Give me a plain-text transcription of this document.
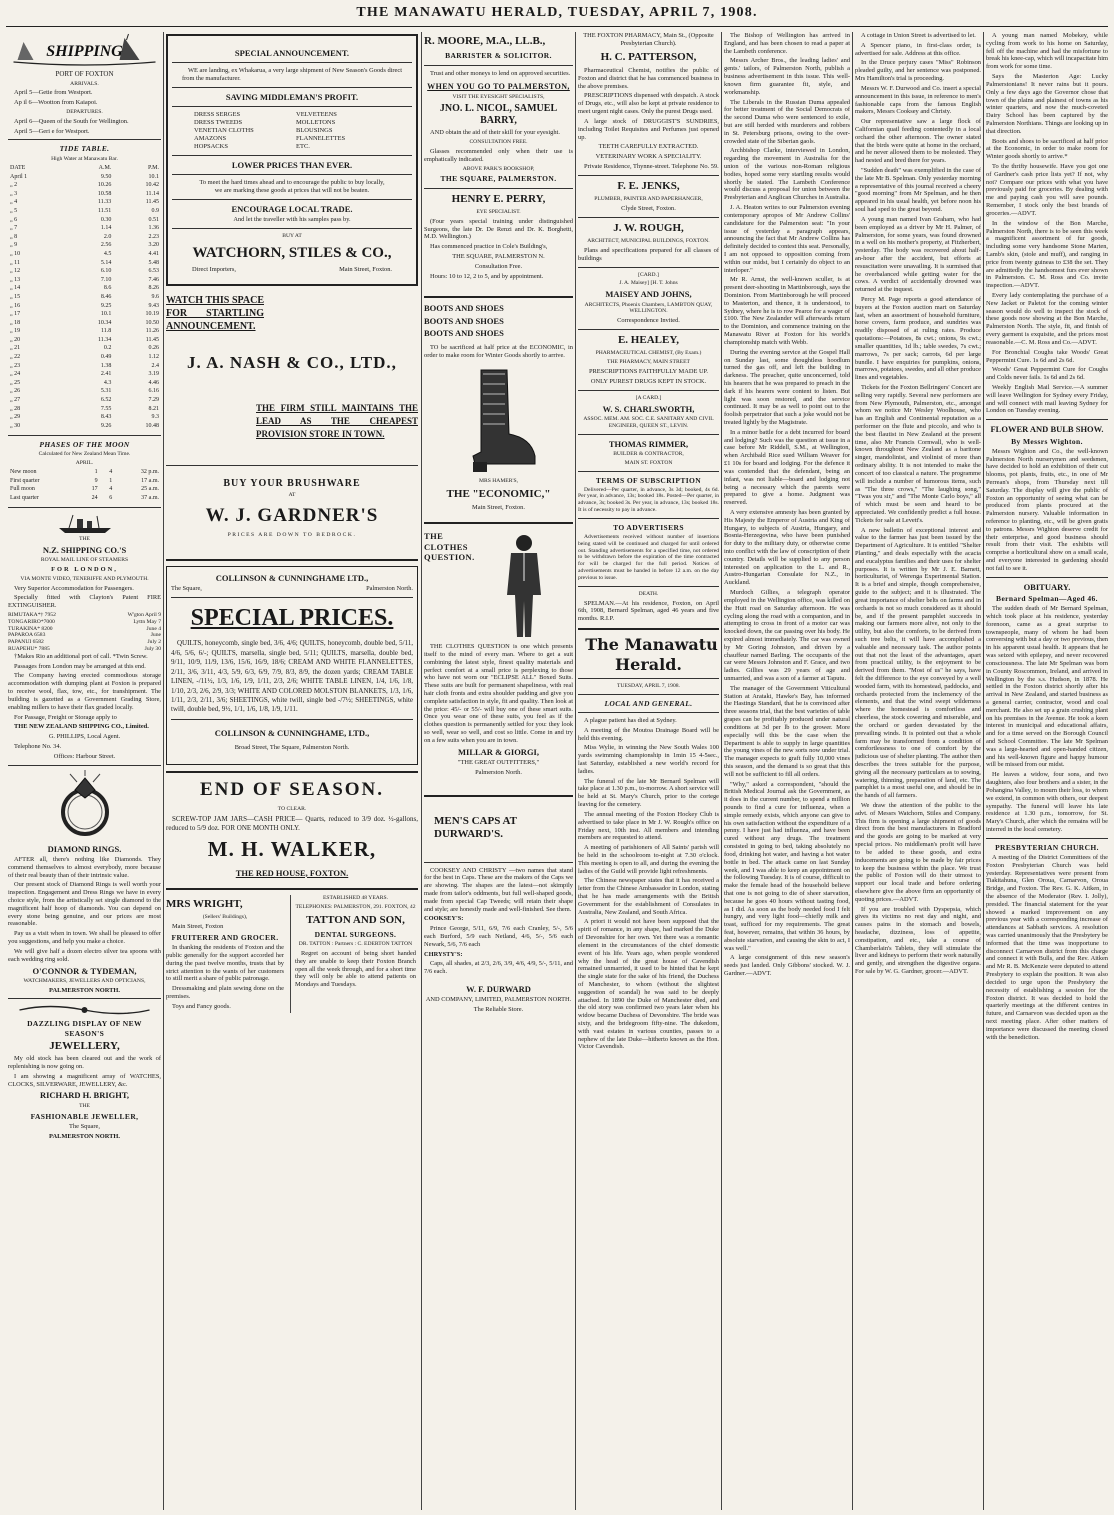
THE MANAWATU HERALD, TUESDAY, APRIL 7, 1908.
SHIPPING

PORT OF FOXTON

ARRIVALS.

April 5—Getie from Westport.

Ap il 6—Wootton from Kaiapoi.

DEPARTURES.

April 6—Queen of the South for Wellington.

April 5—Geri e for Westport.

TIDE TABLE.

High Water at Manawatu Bar.

DATE	A.M.	P.M.
April 1	9.50	10.1
„ 2	10.26	10.42
„ 3	10.58	11.14
„ 4	11.33	11.45
„ 5	11.51	0.9
„ 6	0.30	0.51
„ 7	1.14	1.36
„ 8	2.0	2.23
„ 9	2.56	3.20
„ 10	4.5	4.41
„ 11	5.14	5.48
„ 12	6.10	6.53
„ 13	7.10	7.46
„ 14	8.6	8.26
„ 15	8.46	9.6
„ 16	9.25	9.43
„ 17	10.1	10.19
„ 18	10.34	10.50
„ 19	11.8	11.26
„ 20	11.34	11.45
„ 21	0.2	0.26
„ 22	0.49	1.12
„ 23	1.38	2.4
„ 24	2.41	3.19
„ 25	4.3	4.46
„ 26	5.31	6.16
„ 27	6.52	7.29
„ 28	7.55	8.21
„ 29	8.43	9.3
„ 30	9.26	10.48

PHASES OF THE MOON

Calculated for New Zealand Mean Time.

APRIL.

New moon	1	4	32 p.m.
First quarter	9	1	17 a.m.
Full moon	17	4	25 a.m.
Last quarter	24	6	37 a.m.

THE

N.Z. SHIPPING CO.'S

ROYAL MAIL LINE OF STEAMERS

FOR LONDON,

VIA MONTE VIDEO, TENERIFFE AND PLYMOUTH.

Very Superior Accommodation for Passengers.

Specially fitted with Clayton's Patent FIRE EXTINGUISHER.

RIMUTAKA*† 7952	W'gton April 9
TONGARIRO*7000	Lyttn May 7
TURAKINA* 8200	June 4
PAPAROA 6583	June
PAPANUI 6582	July 2
RUAPEHU* 7885	July 30

†Makes Rio an additional port of call. *Twin Screw.

Passages from London may be arranged at this end.

The Company having erected commodious storage accommodation with dumping plant at Foxton is prepared to receive wool, flax, tow, etc., for transhipment. The building is gazetted as a Government Grading Store, enabling millers to have their flax graded locally.

For Passage, Freight or Storage apply to

THE NEW ZEALAND SHIPPING CO., Limited.

G. PHILLIPS, Local Agent.

Telephone No. 34.

Offices: Harbour Street.

DIAMOND RINGS.

AFTER all, there's nothing like Diamonds. They commend themselves to almost everybody, more because of their real beauty than of their intrinsic value.

Our present stock of Diamond Rings is well worth your inspection. Engagement and Dress Rings we have in every choice style, from the artistically set single diamond to the magnificent half hoop of diamonds. You can depend on every stone being genuine, and our prices are most reasonable.

Pay us a visit when in town. We shall be pleased to offer you suggestions, and help you make a choice.

We will give half a dozen electro silver tea spoons with each wedding ring sold.

O'CONNOR & TYDEMAN,

WATCHMAKERS, JEWELLERS AND OPTICIANS,

PALMERSTON NORTH.

DAZZLING DISPLAY OF NEW SEASON'S

JEWELLERY,

My old stock has been cleared out and the work of replenishing is now going on.

I am showing a magnificent array of WATCHES, CLOCKS, SILVERWARE, JEWELLERY, &c.

RICHARD H. BRIGHT,

THE

FASHIONABLE JEWELLER,

The Square,

PALMERSTON NORTH.

SPECIAL ANNOUNCEMENT.

WE are landing, ex Whakarua, a very large shipment of New Season's Goods direct from the manufacturer.

SAVING MIDDLEMAN'S PROFIT.

DRESS SERGES
DRESS TWEEDS
VENETIAN CLOTHS
AMAZONS
HOPSACKS
VELVETEENS
MOLLETONS
BLOUSINGS
FLANNELETTES
ETC.

LOWER PRICES THAN EVER.

To meet the hard times ahead and to encourage the public to buy locally, we are marking these goods at prices that will not be beaten.

ENCOURAGE LOCAL TRADE.

And let the traveller with his samples pass by.

BUY AT

WATCHORN, STILES & CO.,

Direct Importers,	Main Street, Foxton.

WATCH THIS SPACE FOR STARTLING ANNOUNCEMENT.

J. A. NASH & CO., LTD.,

THE FIRM STILL MAINTAINS THE LEAD AS THE CHEAPEST PROVISION STORE IN TOWN.

BUY YOUR BRUSHWARE

AT

W. J. GARDNER'S

PRICES ARE DOWN TO BEDROCK.

COLLINSON & CUNNINGHAME LTD.,

The Square,	Palmerston North.

SPECIAL PRICES.

QUILTS, honeycomb, single bed, 3/6, 4/6; QUILTS, honeycomb, double bed, 5/11, 4/6, 5/6, 6/-; QUILTS, marsella, single bed, 5/11; QUILTS, marsella, double bed, 9/11, 10/9, 11/9, 13/6, 15/6, 16/9, 18/6; CREAM AND WHITE FLANNELETTES, 2/11, 3/6, 3/11, 4/3, 5/9, 6/3, 6/9, 7/9, 8/3, 8/9, the dozen yards; CREAM TABLE LINEN, -/11½, 1/3, 1/6, 1/9, 1/11, 2/3, 2/6; WHITE TABLE LINEN, 1/4, 1/6, 1/8, 1/10, 2/3, 2/6, 2/9, 3/3; WHITE AND COLORED MOLSTON BLANKETS, 1/3, 1/6, 1/11, 2/3, 2/11, 3/6; SHEETINGS, white twill, single bed -/7½; SHEETINGS, white twill, double bed, 9½, 1/1, 1/6, 1/8, 1/9, 1/11.

COLLINSON & CUNNINGHAME, LTD.,

Broad Street, The Square, Palmerston North.

END OF SEASON.

TO CLEAR.

SCREW-TOP JAM JARS—CASH PRICE— Quarts, reduced to 3/9 doz. ½-gallons, reduced to 5/9 doz. FOR ONE MONTH ONLY.

M. H. WALKER,

THE RED HOUSE, FOXTON.

MRS WRIGHT,

(Sellers' Buildings),

Main Street, Foxton

FRUITERER AND GROCER.

In thanking the residents of Foxton and the public generally for the support accorded her during the past twelve months, trusts that by strict attention to the wants of her customers to still merit a share of public patronage.

Dressmaking and plain sewing done on the premises.

Toys and Fancy goods.

ESTABLISHED 48 YEARS.

TELEPHONES: PALMERSTON, 291. FOXTON, 42

TATTON AND SON,

DENTAL SURGEONS.

DR. TATTON : Partners : C. EDERTON TATTON

Regret on account of being short handed they are unable to keep their Foxton Branch open all the week through, and for a short time they will only be able to attend patients on Mondays and Tuesdays.

R. MOORE, M.A., LL.B.,

BARRISTER & SOLICITOR.

Trust and other moneys to lend on approved securities.

WHEN YOU GO TO PALMERSTON,

VISIT THE EYESIGHT SPECIALISTS,

JNO. L. NICOL, SAMUEL BARRY,

AND obtain the aid of their skill for your eyesight.

CONSULTATION FREE.

Glasses recommended only when their use is emphatically indicated.

ABOVE PARK'S BOOKSHOP,

THE SQUARE, PALMERSTON.

HENRY E. PERRY,

EYE SPECIALIST.

(Four years special training under distinguished Surgeons, the late Dr. De Renzi and Dr. K. Borghetti, M.D. Wellington.)

Has commenced practice in Cole's Building's,

THE SQUARE, PALMERSTON N.

Consultation Free.

Hours: 10 to 12, 2 to 5, and by appointment.

BOOTS AND SHOES

BOOTS AND SHOES

BOOTS AND SHOES

TO be sacrificed at half price at the ECONOMIC, in order to make room for Winter Goods shortly to arrive.

MRS HAMER'S,

THE "ECONOMIC,"

Main Street, Foxton.

THE CLOTHES QUESTION.

THE CLOTHES QUESTION is one which presents itself to the mind of every man. Where to get a suit combining the latest style, finest quality materials and perfect comfort at a small price is perplexing to those who have not worn our "ECLIPSE ALL" Boxed Suits. These suits are built for permanent shapeliness, with real hair cloth fronts and extra shoulder padding and give you complete satisfaction in style, fit and quality. Then look at the price: 45/- or 55/- will buy one of these smart suits. Once you wear one of these suits, you feel as if the clothes question is permanently settled for you: they look so well, wear so well, and cost so little. Come in and try on a few suits when you are in town.

MILLAR & GIORGI,

"THE GREAT OUTFITTERS,"

Palmerston North.

MEN'S CAPS AT DURWARD'S.

COOKSEY AND CHRISTY —two names that stand for the best in Caps. These are the makers of the Caps we are showing. The shapes are the latest—not skimpily made from tailor's oddments, but full well-shaped goods, made from special Cap Tweeds; will retain their shape and style; are honestly made and well-finished. See them.

COOKSEY'S:

Prince George, 5/11, 6/9, 7/6 each Cranley, 5/-, 5/6 each Burford, 5/9 each Netland, 4/6, 5/-, 5/6 each Newark, 5/6, 7/6 each

CHRYSTY'S:

Caps, all shades, at 2/3, 2/6, 3/9, 4/6, 4/9, 5/-, 5/11, and 7/6 each.

W. F. DURWARD

AND COMPANY, LIMITED, PALMERSTON NORTH.

The Reliable Store.

THE FOXTON PHARMACY, Main St., (Opposite Presbyterian Church).

H. C. PATTERSON,

Pharmaceutical Chemist, notifies the public of Foxton and district that he has commenced business in the above premises.

PRESCRIPTIONS dispensed with despatch. A stock of Drugs, etc., will also be kept at private residence to meet urgent night cases. Only the purest Drugs used.

A large stock of DRUGGIST'S SUNDRIES, including Toilet Requisites and Perfumes just opened up.

TEETH CAREFULLY EXTRACTED.

VETERINARY WORK A SPECIALITY.

Private Residence, Thynne-street. Telephone No. 59.

F. E. JENKS,

PLUMBER, PAINTER AND PAPERHANGER,

Clyde Street, Foxton.

J. W. ROUGH,

ARCHITECT, MUNICIPAL BUILDINGS, FOXTON.

Plans and specifications prepared for all classes of buildings

[CARD.]

J. A. Maisey] [H. T. Johns

MAISEY AND JOHNS,

ARCHITECTS, Phoenix Chambers, LAMBTON QUAY, WELLINGTON.

Correspondence Invited.

E. HEALEY,

PHARMACEUTICAL CHEMIST, (By Exam.)

THE PHARMACY, MAIN STREET

PRESCRIPTIONS FAITHFULLY MADE UP.

ONLY PUREST DRUGS KEPT IN STOCK.

[A CARD.]

W. S. CHARLSWORTH,

ASSOC. MEM. AM. SOC. C.E. SANITARY AND CIVIL ENGINEER, QUEEN ST., LEVIN.

THOMAS RIMMER,

BUILDER & CONTRACTOR,

MAIN ST. FOXTON

TERMS OF SUBSCRIPTION

Delivered—Per quarter, in advance, 3s 3d; booked, 4s 6d. Per year, in advance, 13s; booked 18s. Posted—Per quarter, in advance, 3s; booked 3s. Per year, in advance, 13s; booked 18s. It is of necessity to pay in advance.

TO ADVERTISERS

Advertisements received without number of insertions being stated will be continued and charged for until ordered out. Standing advertisements for a specified time, not ordered to be withdrawn before the expiration of the time contracted for will be charged for the full period. Notices of advertisements must be handed in before 12 a.m. on the day previous to issue.

DEATH.

SPELMAN.—At his residence, Foxton, on April 6th, 1908, Bernard Spelman, aged 46 years and five months. R.I.P.

The Manawatu Herald.

TUESDAY, APRIL 7, 1908.

LOCAL AND GENERAL.

A plague patient has died at Sydney.

A meeting of the Moutoa Drainage Board will be held this evening.

Miss Wylie, in winning the New South Wales 100 yards swimming championship in 1min 15 4-5sec., last Saturday, established a new world's record for ladies.

The funeral of the late Mr Bernard Spelman will take place at 1.30 p.m., to-morrow. A short service will be held at St. Mary's Church, prior to the cortege leaving for the cemetery.

The annual meeting of the Foxton Hockey Club is advertised to take place in Mr J. W. Rough's office on Friday next, 10th inst. All members and intending members are requested to attend.

A meeting of parishioners of All Saints' parish will be held in the schoolroom to-night at 7.30 o'clock. This meeting is open to all, and during the evening the ladies of the Guild will provide light refreshments.

The Chinese newspaper states that it has received a letter from the Chinese Ambassador in London, stating that he has made arrangements with the British Government for the establishment of Consulates in Australia, New Zealand, and South Africa.

A priori it would not have been supposed that the spirit of romance, in any shape, had marked the Duke of Devonshire for her own. Yet there was a romantic element in the circumstances of the chief domestic event of his life. Years ago, when people wondered why the head of the great house of Cavendish remained unmarried, it used to be hinted that he kept the single state for the sake of his friend, the Duchess of Manchester, to whom (without the slightest suggestion of scandal) he was said to be deeply attached. In 1890 the Duke of Manchester died, and the old story was confirmed two years later when his widow became Duchess of Devonshire. The bride was sixty, and the bridegroom fifty-nine. The dukedom, with vast estates in various counties, passes to a nephew of the late Duke—hitherto known as the Hon. Victor Cavendish.

The Bishop of Wellington has arrived in England, and has been chosen to read a paper at the Lambeth conference.

Messrs Archer Bros., the leading ladies' and gents.' tailors, of Palmerston North, publish a business advertisement in this issue. This well-known firm guarantee fit, style, and workmanship.

The Liberals in the Russian Duma appealed for better treatment of the Social Democrats of the second Duma who were sentenced to exile, but are still herded with murderers and robbers in St. Petersburg prisons, owing to the over-crowded state of the Siberian gaols.

Archbishop Clarke, interviewed in London, regarding the movement in Australia for the union of the various non-Roman religious bodies, hoped some very startling results would shortly be stated. The Lambeth Conference would discuss a proposal for union between the Presbyterian and Anglican Churches in Australia.

J. A. Heaton writes to our Palmerston evening contemporary apropos of Mr Andrew Collins' candidature for the Palmerston seat: "In your issue of yesterday a paragraph appears, announcing the fact that Mr Andrew Collins has definitely decided to contest this seat. Personally, I am not opposed to opposition coming from within our midst, but I certainly do object to an interloper."

Mr R. Arnst, the well-known sculler, is at present deer-shooting in Martinborough, says the Dominion. From Martinborough he will proceed to Masterton, and thence, it is understood, to Sydney, where he is to row Pearce for a wager of £100. The New Zealander will afterwards return to the Dominion, and commence training on the Manawatu River at Foxton for his world's championship match with Webb.

During the evening service at the Gospel Hall on Sunday last, some thoughtless hoodlum turned the gas off, and left the building in darkness. The preacher, quite unconcerned, told his hearers that he was prepared to preach in the dark if his hearers were content to listen. But light was soon restored, and the service continued. It may be as well to point out to the foolish perpetrator that such a joke would not be treated lightly by the Magistrate.

In a minor battle for a debt incurred for board and lodging? Such was the question at issue in a case before Mr Riddell, S.M., at Wellington, when Archibald Rice sued William Weaver for £1 10s for board and lodging. For the defence it was contended that the defendant, being an infant, was not liable—board and lodging not being a necessary which the parents were prepared to give a home. Judgment was reserved.

A very extensive amnesty has been granted by His Majesty the Emperor of Austria and King of Hungary, to subjects of Austria, Hungary, and Bosnia-Herzegovina, who have been punished for duty to the military duty, or otherwise come into conflict with the law of conscription of their country. Details will be supplied to any person interested on application to the L. and R., Austro-Hungarian Consulate for N.Z., in Auckland.

Murdoch Gillies, a telegraph operator employed in the Wellington office, was killed on the Hutt road on Saturday afternoon. He was cycling along the road with a companion, and in attempting to cross in front of a motor car was knocked down, the car passing over his body. He expired almost immediately. The car was owned by Mr Goring Johnston, and driven by a chauffeur named Barling. The occupants of the car were Messrs Johnston and F. Grace, and two ladies. Gillies was 29 years of age and unmarried, and was a son of a farmer at Taputu.

The manager of the Government Viticultural Station at Arataki, Hawke's Bay, has informed the Hastings Standard, that he is convinced after three seasons trial, that the best varieties of table grapes can be profitably produced under natural conditions at 3d per lb to the grower. More especially will this be the case when the Department is able to supply in large quantities the young vines of the new sorts now under trial. The manager expects to graft fully 10,000 vines this season, and the demand is so great that this will not be sufficient to fill all orders.

"Why," asked a correspondent, "should the British Medical Journal ask the Government, as it does in the current number, to spend a million pounds to find a cure for influenza, when a simple remedy exists, which anyone can give to his own satisfaction without the expenditure of a penny. I have just had influenza, and have been cured without any drugs. The treatment consisted in going to bed, taking absolutely no food, drinking hot water, and having a hot water bottle in bed. The attack came on last Sunday week, and I was able to keep an appointment on the following Tuesday. It is of course, difficult to make the female head of the household believe that one is not going to die of sheer starvation, because he goes 40 hours without tasting food, as I did. As soon as the body needed food I felt hungry, and very light food—chiefly milk and toast, sufficed for my requirements. The great feat, however, remains, that within 36 hours, by absolute starvation, and causing the skin to act, I was well."

A large consignment of this new season's seeds just landed. Only Gibbons' stocked. W. J. Gardner.—ADVT.

A cottage in Union Street is advertised to let.

A Spencer piano, in first-class order, is advertised for sale. Address at this office.

In the Druce perjury cases "Miss" Robinson pleaded guilty, and her sentence was postponed. Mrs Hamilton's trial is proceeding.

Messrs W. F. Durwood and Co. insert a special announcement in this issue, in reference to men's fashionable caps from the famous English makers, Messrs Cooksey and Christy.

Our representative saw a large flock of Californian quail feeding contentedly in a local orchard the other afternoon. The owner stated that the birds were quite at home in the orchard, and he never allowed them to be molested. They had nested and bred there for years.

"Sudden death" was exemplified in the case of the late Mr B. Spelman. Only yesterday morning a representative of this journal received a cheery "good morning" from Mr Spelman, and he then appeared in his usual health, yet before noon his soul had sped to the great beyond.

A young man named Ivan Graham, who had been employed as a driver by Mr H. Palmer, of Palmerston, for some years, was found drowned in a well on his mother's property, at Fitzherbert, yesterday. The body was recovered about half-an-hour after the accident, but efforts at resuscitation were unavailing. It is surmised that he overbalanced while getting water for the cows. A verdict of accidentally drowned was returned at the inquest.

Percy M. Page reports a good attendance of buyers at the Foxton auction mart on Saturday last, when an assortment of household furniture, horse covers, farm produce, and sundries was readily disposed of at ruling rates. Produce quotations:—Potatoes, 8s cwt.; onions, 9s cwt.; smaller quantities, 1d lb.; table swedes, 7s cwt.; marrows, 7s per sack; carrots, 6d per large bundle. I have enquiries for pumpkins, onions, marrows, potatoes, swedes, and all other produce lines and vegetables.

Tickets for the Foxton Bellringers' Concert are selling very rapidly. Several new performers are from New Plymouth, Palmerston, etc., amongst whom we notice Mr Wesley Woolhouse, who has an English and Continental reputation as a performer on the flute and piccolo, and who is the best flautist in New Zealand at the present time, also Mr Francis Cornwall, who is well-known throughout New Zealand as a baritone singer, mandolinist, and violinist of more than ordinary ability. It is not intended to make the concert of too classical a nature. The programme will include a number of humorous items, such as "The three crows," "The laughing song," "Twas you sir," and "The Monte Carlo boys," all of which must be seen and heard to be appreciated. We confidently predict a full house. Tickets for sale at Levett's.

A new bulletin of exceptional interest and value to the farmer has just been issued by the Department of Agriculture. It is entitled "Shelter Planting," and deals especially with the acacia and eucalyptus families and their uses for shelter purposes. It is written by Mr J. E. Barnett, horticulturist, of Werenga Experimental Station. It is a brief and simple, though comprehensive, guide to the subject; and it is illustrated. The great importance of shelter belts on farms and in orchards is not so much considered as it should be, and if the present pamphlet succeeds in making our farmers more alive, not only to the utility, but also the comforts, to be derived from such tree belts, it will have accomplished a valuable and necessary task. The author points out that not the least of the advantages, apart from practical utility, is the enjoyment to be derived from them. "Most of us" he says, have felt the difference to the eye conveyed by a well wooded farm, with its homestead, paddocks, and orchards protected from the inclemency of the elements, and that the wind swept wilderness where the homestead is comfortless and cheerless, the stock cowering and miserable, and the orchard or garden devastated by the prevailing winds. It is pointed out that a whole farm may be transformed from a condition of comfortlessness to one of comfort by the judicious use of shelter planting. The author then describes the trees suitable for the purpose, giving all the necessary particulars as to sowing, watering, thinning, preparation of land, etc. The pamphlet is a most useful one, and should be in the hands of all farmers.

We draw the attention of the public to the advt. of Messrs Watchorn, Stiles and Company. This firm is opening a large shipment of goods direct from the best manufacturers in Bradford and the goods are going to be marked at very special prices. No middleman's profit will have to be added to these goods, and extra inducements are going to be made by fair prices to keep the business within the place. We trust the public of Foxton will do their utmost to support our local trade and before ordering elsewhere give the above firm an opportunity of quoting prices.—ADVT.

If you are troubled with Dyspepsia, which gives its victims no rest day and night, and causes pains in the stomach and bowels, headache, dizziness, loss of appetite, constipation, and etc., take a course of Chamberlain's Tablets, they will stimulate the liver and kidneys to perform their work naturally and gently, and strengthen the digestive organs. For sale by W. G. Gardner, grocer.—ADVT.

A young man named Mobekey, while cycling from work to his home on Saturday, fell off the machine and had the misfortune to break his knee-cap, which will incapacitate him from work for some time.

Says the Masterton Age: Lucky Palmerstonians! It never rains but it pours. Only a few days ago the Governor chose that town of the plains and plainest of towns as his winter quarters, and now the much-coveted Dairy School has been captured by the Palmerston Northians. Things are looking up in that direction.

Boots and shoes to be sacrificed at half price at the Economic, in order to make room for Winter goods shortly to arrive.*

To the thrifty housewife. Have you got one of Gardner's cash price lists yet? If not, why not? Compare our prices with what you have previously paid for groceries. By dealing with me and paying cash you will save pounds. Remember, I stock only the best brands of groceries.—ADVT.

In the window of the Bon Marche, Palmerston North, there is to be seen this week a magnificent assortment of fur goods, including some very handsome Stone Marten, Lamb's skin, (stole and muff), and ranging in price from twenty guineas to £38 the set. They are admittedly the handsomest furs ever shown in Palmerston. C. M. Ross and Co. invite inspection.—ADVT.

Every lady contemplating the purchase of a New Jacket or Paletot for the coming winter season would do well to inspect the stock of these goods now showing at the Bon Marche, Palmerston North. The style, fit, and finish of every garment is exquisite, and the prices most reasonable.—C. M. Ross and Co.—ADVT.

For Bronchial Coughs take Woods' Great Peppermint Cure. 1s 6d and 2s 6d.

Woods' Great Peppermint Cure for Coughs and Colds never fails. 1s 6d and 2s 6d.

Weekly English Mail Service.—A summer will leave Wellington for Sydney every Friday, and will connect with mail leaving Sydney for London on Tuesday evening.

FLOWER AND BULB SHOW.

By Messrs Wighton.

Messrs Wighton and Co., the well-known Palmerston North nurserymen and seedsmen, have decided to hold an exhibition of their cut blooms, pot plants, fruits, etc., in one of Mr Perrean's shops, from Thursday next till Saturday. The display will give the public of Foxton an opportunity of seeing what can be produced from plants procured at the Palmerston nursery. Valuable information in reference to planting, etc., will be given gratis to patrons. Messrs Wighton deserve credit for their enterprise, and good business should result from their visit. The exhibits will comprise a horticultural show on a small scale, and everyone interested in gardening should not fail to see it.

OBITUARY.

Bernard Spelman—Aged 46.

The sudden death of Mr Bernard Spelman, which took place at his residence, yesterday forenoon, came as a great surprise to townspeople, many of whom he had been conversing with but a day or two previous, then in his apparent usual health. It appears that he was seized with epilepsy, and never recovered consciousness. The late Mr Spelman was born in County Roscommon, Ireland, and arrived in Wellington by the s.s. Hudson, in 1878. He settled in the Foxton district shortly after his arrival in New Zealand, and started business as a general carrier, contractor, wood and coal merchant. He also set up a grain crushing plant on his premises in the Avenue. He took a keen interest in municipal and educational affairs, and for a time served on the Borough Council and School Committee. The late Mr Spelman was a large-hearted and open-handed citizen, and his well-known figure and happy humour will be missed from our midst.

He leaves a widow, four sons, and two daughters, also four brothers and a sister, in the Pohangina Valley, to mourn their loss, to whom we extend, in common with others, our deepest sympathy. The funeral will leave his late residence at 1.30 p.m., tomorrow, for St. Mary's Church, after which the remains will be interred in the local cemetery.

PRESBYTERIAN CHURCH.

A meeting of the District Committees of the Foxton Presbyterian Church was held yesterday. Representatives were present from Tiakitahuna, Glen Oroua, Carnarvon, Oroua Bridge, and Foxton. The Rev. G. K. Aitken, in the absence of the Moderator (Rev. I. Jolly), presided. The financial statement for the year showed a marked improvement on any previous year with a corresponding increase of attendances at Sabbath services. A resolution was carried unanimously that the Presbytery be informed that the time was inopportune to disconnect Carnarvon district from this charge and connect it with Bulls, and the Rev. Aitken and Mr R. B. McKenzie were deputed to attend Presbytery to explain the position. It was also decided to urge upon the Presbytery the necessity of establishing a session for the Foxton district. It was decided to hold the quarterly meetings at the different centres in future, and Carnarvon was decided upon as the next meeting place. After other matters of importance were discussed the meeting closed with the benediction.
